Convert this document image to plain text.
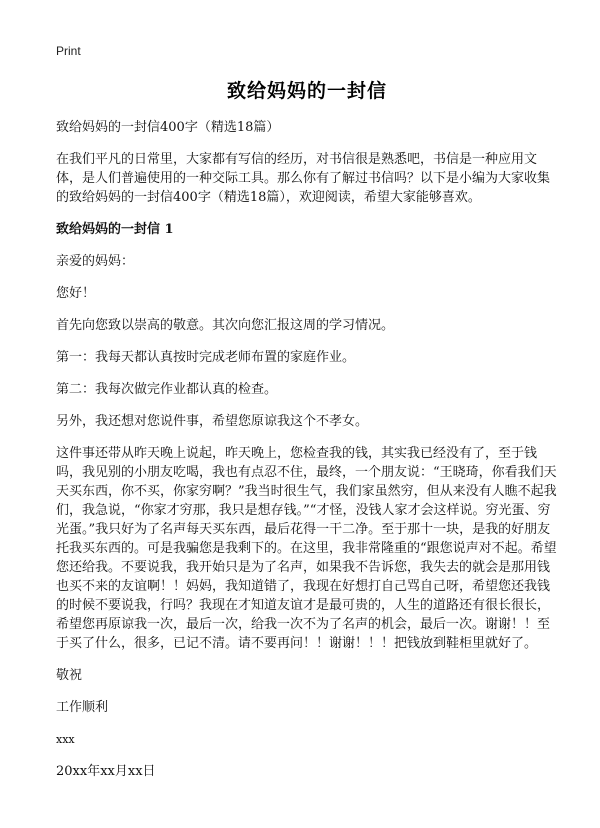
Print
致给妈妈的一封信

致给妈妈的一封信400字（精选18篇）

在我们平凡的日常里，大家都有写信的经历，对书信很是熟悉吧，书信是一种应用文体，是人们普遍使用的一种交际工具。那么你有了解过书信吗？以下是小编为大家收集的致给妈妈的一封信400字（精选18篇），欢迎阅读，希望大家能够喜欢。

致给妈妈的一封信 1

亲爱的妈妈：

您好！

首先向您致以崇高的敬意。其次向您汇报这周的学习情况。

第一：我每天都认真按时完成老师布置的家庭作业。

第二：我每次做完作业都认真的检查。

另外，我还想对您说件事，希望您原谅我这个不孝女。

这件事还带从昨天晚上说起，昨天晚上，您检查我的钱，其实我已经没有了，至于钱吗，我见别的小朋友吃喝，我也有点忍不住，最终，一个朋友说：“王晓琦，你看我们天天买东西，你不买，你家穷啊？”我当时很生气，我们家虽然穷，但从来没有人瞧不起我们，我急说，“你家才穷那，我只是想存钱。”“才怪，没钱人家才会这样说。穷光蛋、穷光蛋。”我只好为了名声每天买东西，最后花得一干二净。至于那十一块，是我的好朋友托我买东西的。可是我骗您是我剩下的。在这里，我非常隆重的“跟您说声对不起。希望您还给我。不要说我，我开始只是为了名声，如果我不告诉您，我失去的就会是那用钱也买不来的友谊啊！！妈妈，我知道错了，我现在好想打自己骂自己呀，希望您还我钱的时候不要说我，行吗？我现在才知道友谊才是最可贵的，人生的道路还有很长很长，希望您再原谅我一次，最后一次，给我一次不为了名声的机会，最后一次。谢谢！！至于买了什么，很多，已记不清。请不要再问！！谢谢！！！把钱放到鞋柜里就好了。

敬祝

工作顺利

xxx

20xx年xx月xx日
